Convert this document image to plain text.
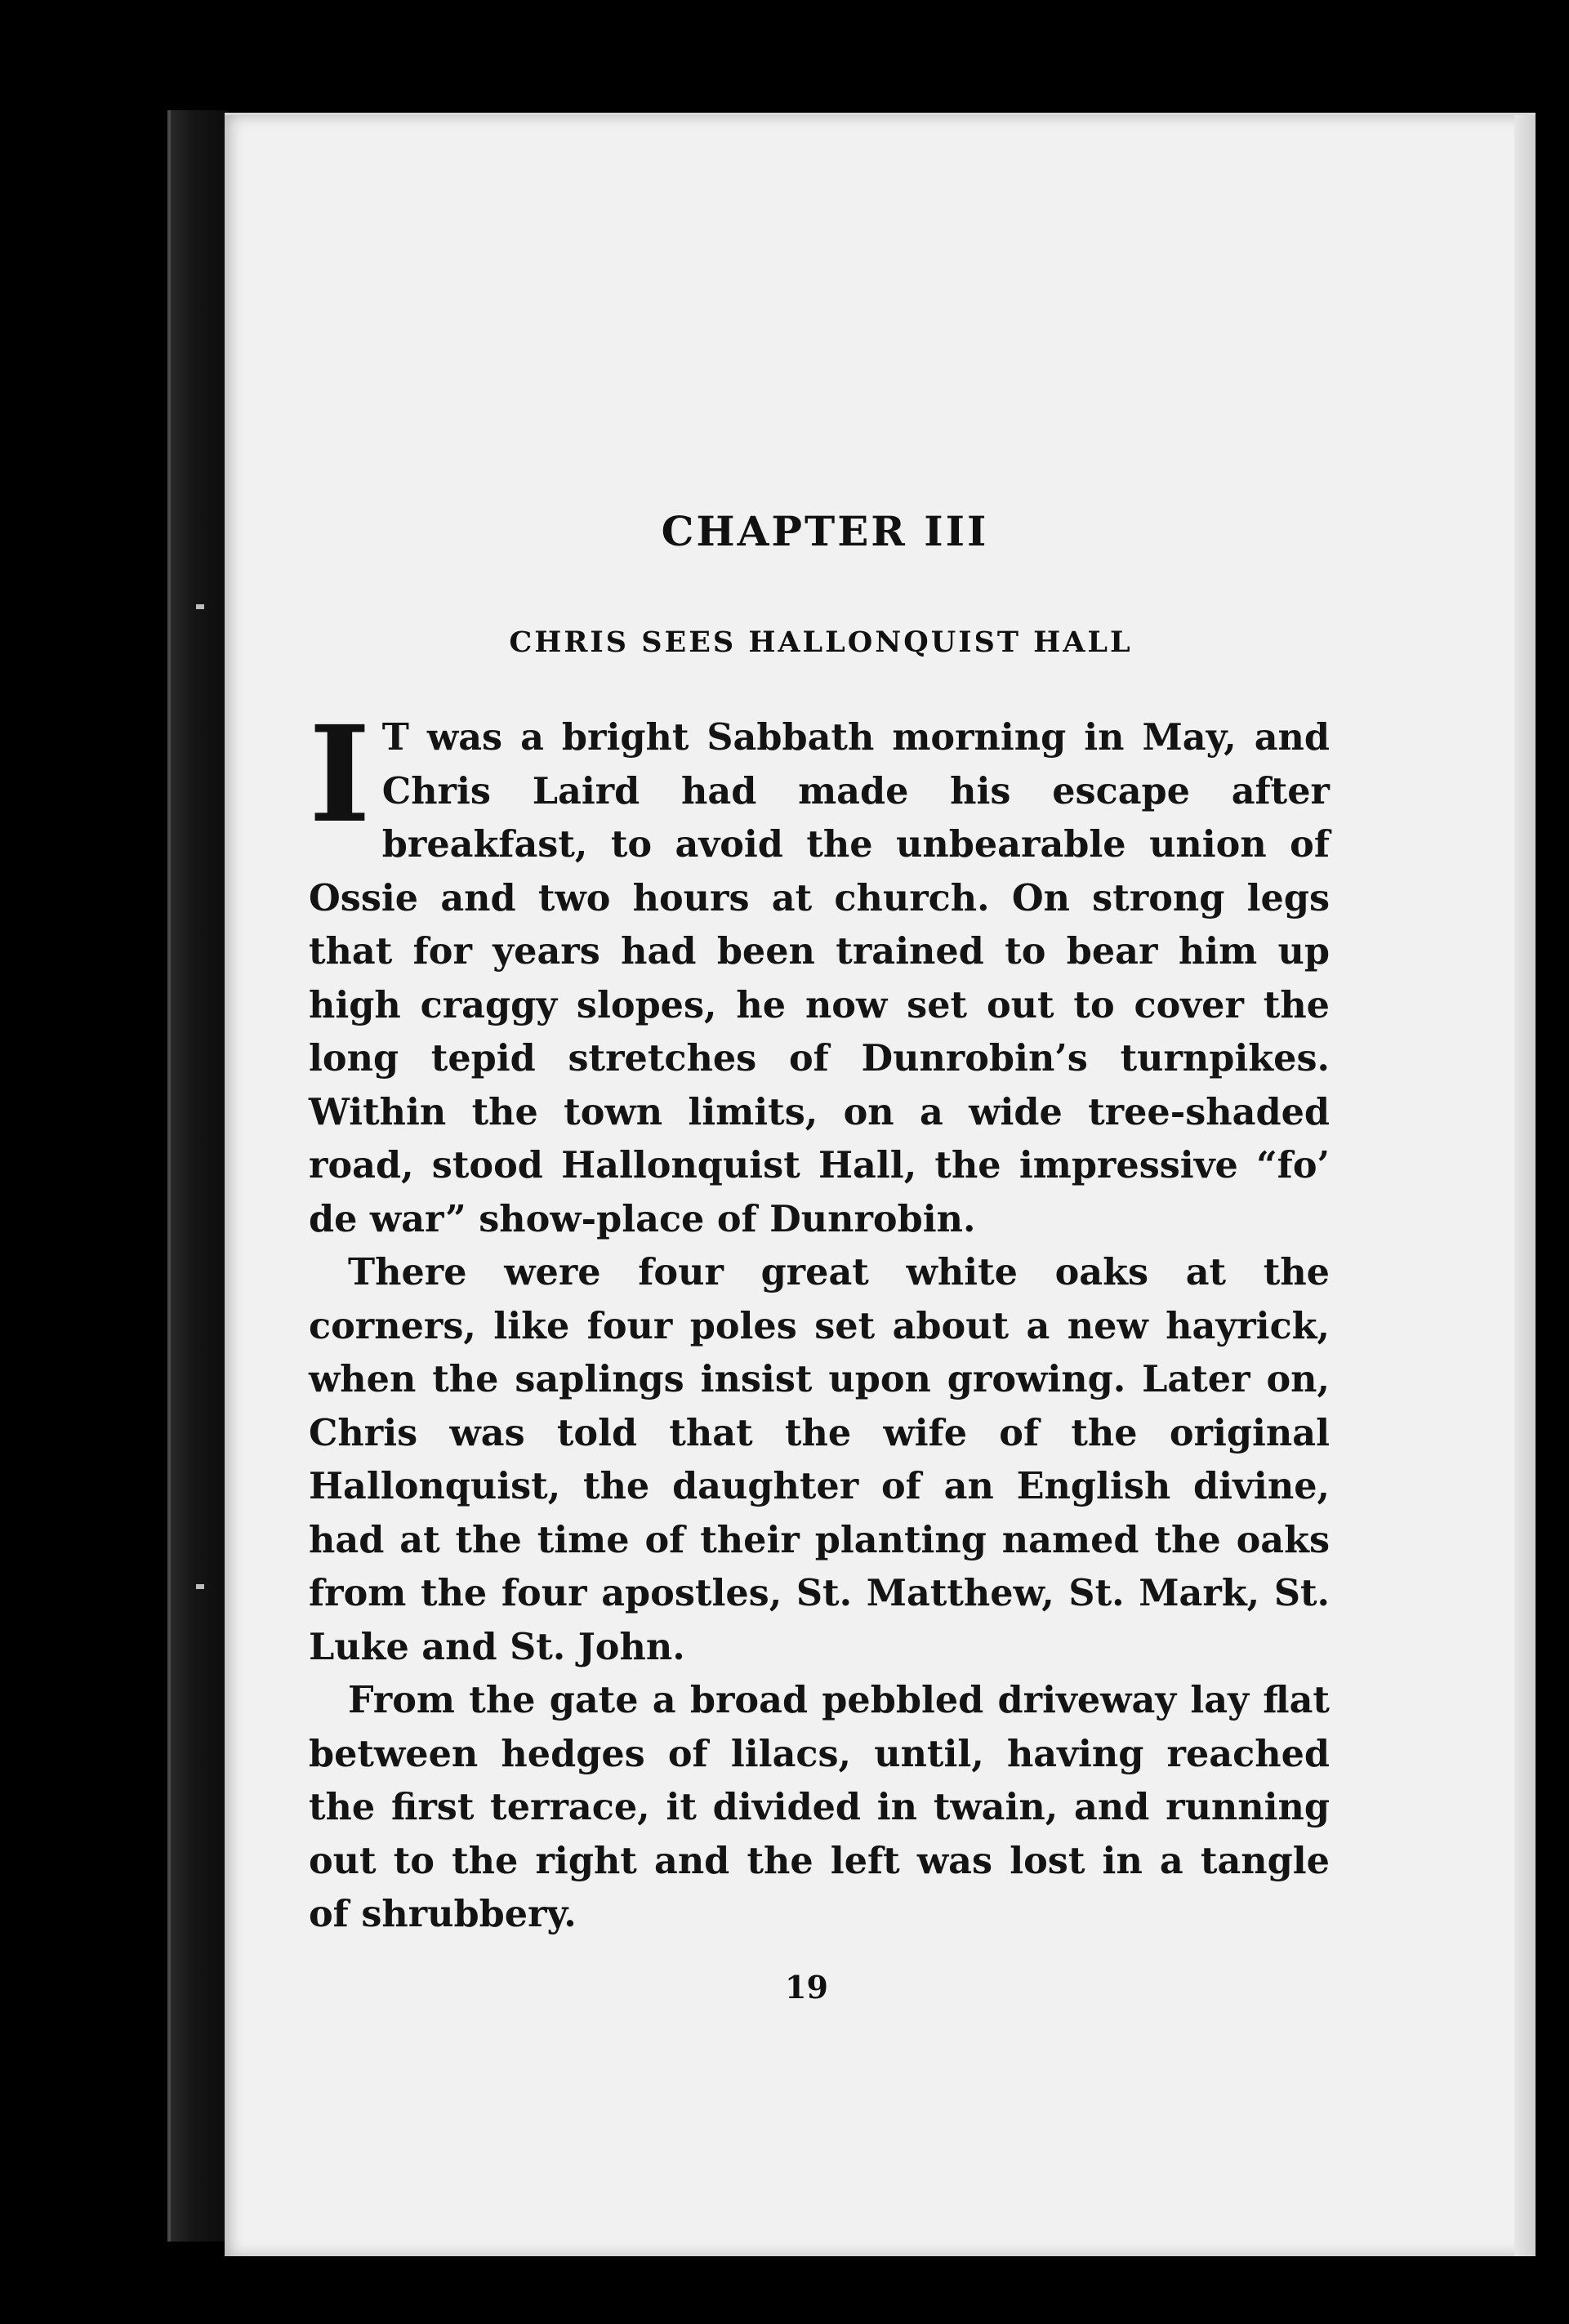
CHAPTER III
CHRIS SEES HALLONQUIST HALL

I T was a bright Sabbath morning in May, and Chris Laird had made his escape after breakfast, to avoid the unbearable union of Ossie and two hours at church. On strong legs that for years had been trained to bear him up high craggy slopes, he now set out to cover the long tepid stretches of Dunrobin’s turnpikes. Within the town limits, on a wide tree-shaded road, stood Hallonquist Hall, the impressive “fo’ de war” show-place of Dunrobin.

There were four great white oaks at the corners, like four poles set about a new hayrick, when the saplings insist upon growing. Later on, Chris was told that the wife of the original Hallonquist, the daughter of an English divine, had at the time of their planting named the oaks from the four apostles, St. Matthew, St. Mark, St. Luke and St. John.

From the gate a broad pebbled driveway lay flat between hedges of lilacs, until, having reached the first terrace, it divided in twain, and running out to the right and the left was lost in a tangle of shrubbery.

19
